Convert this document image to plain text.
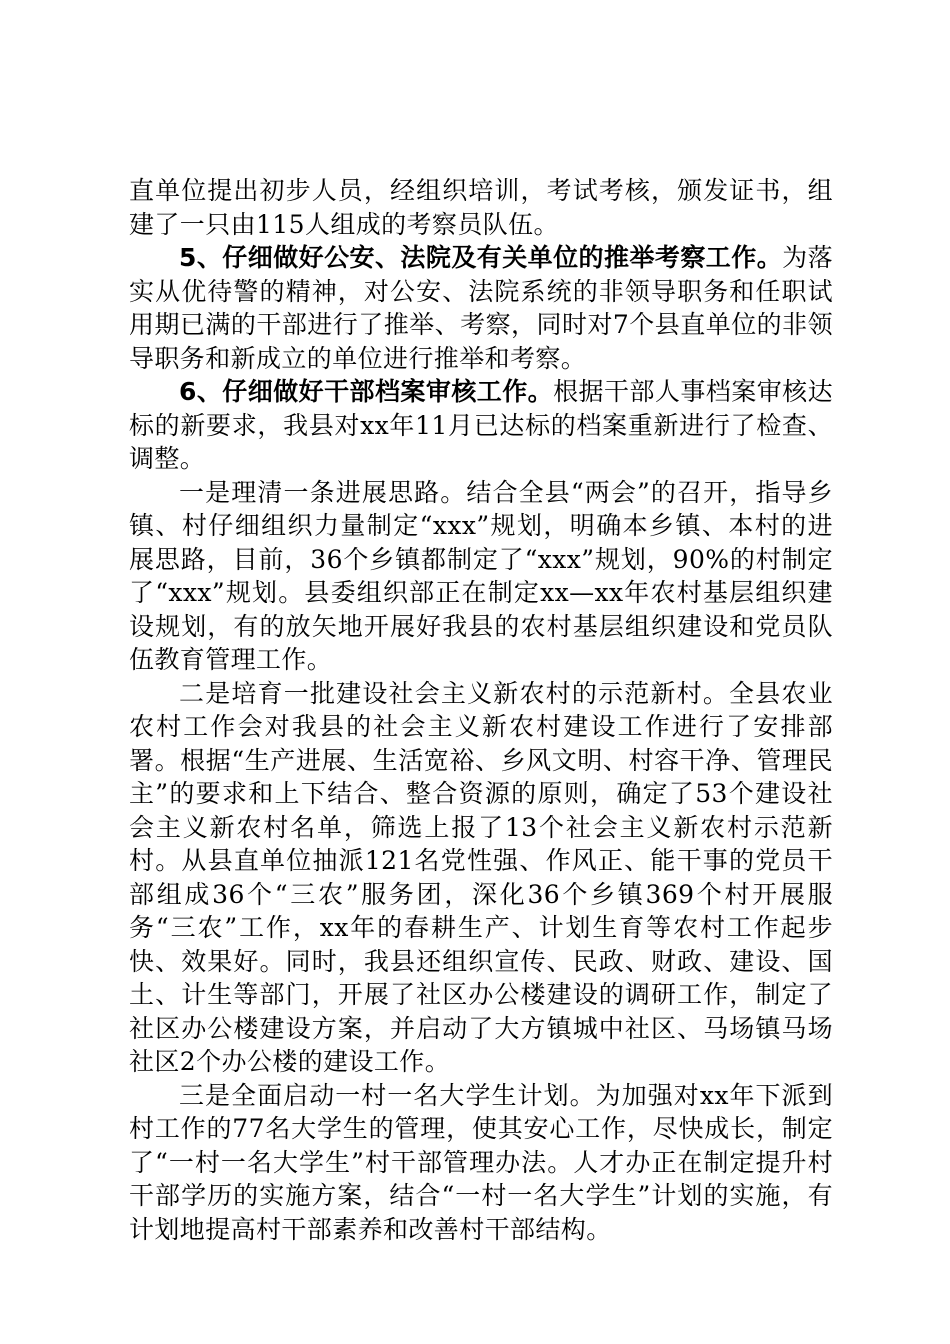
直单位提出初步人员，经组织培训，考试考核，颁发证书，组建了一只由115人组成的考察员队伍。

5、仔细做好公安、法院及有关单位的推举考察工作。为落实从优待警的精神，对公安、法院系统的非领导职务和任职试用期已满的干部进行了推举、考察，同时对7个县直单位的非领导职务和新成立的单位进行推举和考察。

6、仔细做好干部档案审核工作。根据干部人事档案审核达标的新要求，我县对xx年11月已达标的档案重新进行了检查、调整。

一是理清一条进展思路。结合全县“两会”的召开，指导乡镇、村仔细组织力量制定“xxx”规划，明确本乡镇、本村的进展思路，目前，36个乡镇都制定了“xxx”规划，90%的村制定了“xxx”规划。县委组织部正在制定xx—xx年农村基层组织建设规划，有的放矢地开展好我县的农村基层组织建设和党员队伍教育管理工作。

二是培育一批建设社会主义新农村的示范新村。全县农业农村工作会对我县的社会主义新农村建设工作进行了安排部署。根据“生产进展、生活宽裕、乡风文明、村容干净、管理民主”的要求和上下结合、整合资源的原则，确定了53个建设社会主义新农村名单，筛选上报了13个社会主义新农村示范新村。从县直单位抽派121名党性强、作风正、能干事的党员干部组成36个“三农”服务团，深化36个乡镇369个村开展服务“三农”工作，xx年的春耕生产、计划生育等农村工作起步快、效果好。同时，我县还组织宣传、民政、财政、建设、国土、计生等部门，开展了社区办公楼建设的调研工作，制定了社区办公楼建设方案，并启动了大方镇城中社区、马场镇马场社区2个办公楼的建设工作。

三是全面启动一村一名大学生计划。为加强对xx年下派到村工作的77名大学生的管理，使其安心工作，尽快成长，制定了“一村一名大学生”村干部管理办法。人才办正在制定提升村干部学历的实施方案，结合“一村一名大学生”计划的实施，有计划地提高村干部素养和改善村干部结构。
